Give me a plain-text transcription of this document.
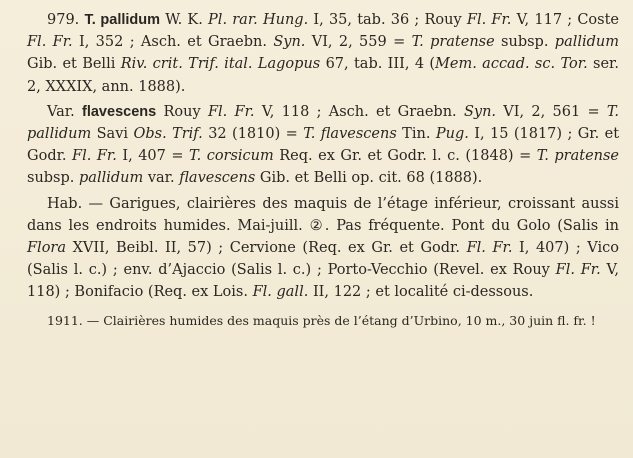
979. T. pallidum W. K. Pl. rar. Hung. I, 35, tab. 36 ; Rouy Fl. Fr. V, 117 ; Coste Fl. Fr. I, 352 ; Asch. et Graebn. Syn. VI, 2, 559 = T. pratense subsp. pallidum Gib. et Belli Riv. crit. Trif. ital. Lagopus 67, tab. III, 4 (Mem. accad. sc. Tor. ser. 2, XXXIX, ann. 1888).

Var. flavescens Rouy Fl. Fr. V, 118 ; Asch. et Graebn. Syn. VI, 2, 561 = T. pallidum Savi Obs. Trif. 32 (1810) = T. flavescens Tin. Pug. I, 15 (1817) ; Gr. et Godr. Fl. Fr. I, 407 = T. corsicum Req. ex Gr. et Godr. l. c. (1848) = T. pratense subsp. pallidum var. flavescens Gib. et Belli op. cit. 68 (1888).

Hab. — Garigues, clairières des maquis de l’étage inférieur, croissant aussi dans les endroits humides. Mai-juill. ②. Pas fréquente. Pont du Golo (Salis in Flora XVII, Beibl. II, 57) ; Cervione (Req. ex Gr. et Godr. Fl. Fr. I, 407) ; Vico (Salis l. c.) ; env. d’Ajaccio (Salis l. c.) ; Porto-Vecchio (Revel. ex Rouy Fl. Fr. V, 118) ; Bonifacio (Req. ex Lois. Fl. gall. II, 122 ; et localité ci-dessous.

1911. — Clairières humides des maquis près de l’étang d’Urbino, 10 m., 30 juin fl. fr. !
